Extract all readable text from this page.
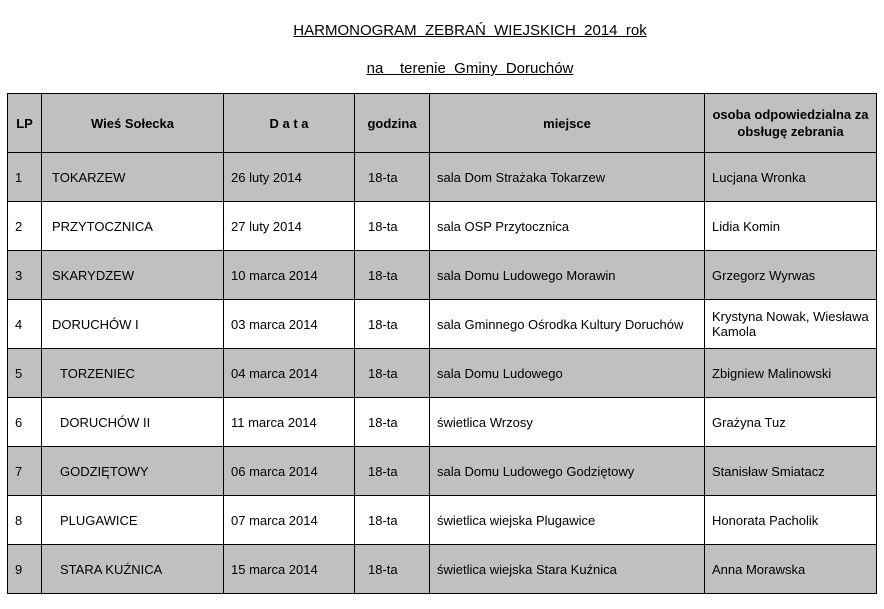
HARMONOGRAM  ZEBRAŃ  WIEJSKICH  2014  rok
na    terenie  Gminy  Doruchów
LP	Wieś Sołecka	D a t a	godzina	miejsce	osoba odpowiedzialna za obsługę zebrania
1	TOKARZEW	26 luty 2014	18-ta	sala Dom Strażaka Tokarzew	Lucjana Wronka
2	PRZYTOCZNICA	27 luty 2014	18-ta	sala OSP Przytocznica	Lidia Komin
3	SKARYDZEW	10 marca 2014	18-ta	sala Domu Ludowego Morawin	Grzegorz Wyrwas
4	DORUCHÓW I	03 marca 2014	18-ta	sala Gminnego Ośrodka Kultury Doruchów	Krystyna Nowak, Wiesława Kamola
5	TORZENIEC	04 marca 2014	18-ta	sala Domu Ludowego	Zbigniew Malinowski
6	DORUCHÓW II	11 marca 2014	18-ta	świetlica Wrzosy	Grażyna Tuz
7	GODZIĘTOWY	06 marca 2014	18-ta	sala Domu Ludowego Godziętowy	Stanisław Smiatacz
8	PLUGAWICE	07 marca 2014	18-ta	świetlica wiejska Plugawice	Honorata Pacholik
9	STARA KUŹNICA	15 marca 2014	18-ta	świetlica wiejska Stara Kuźnica	Anna Morawska
